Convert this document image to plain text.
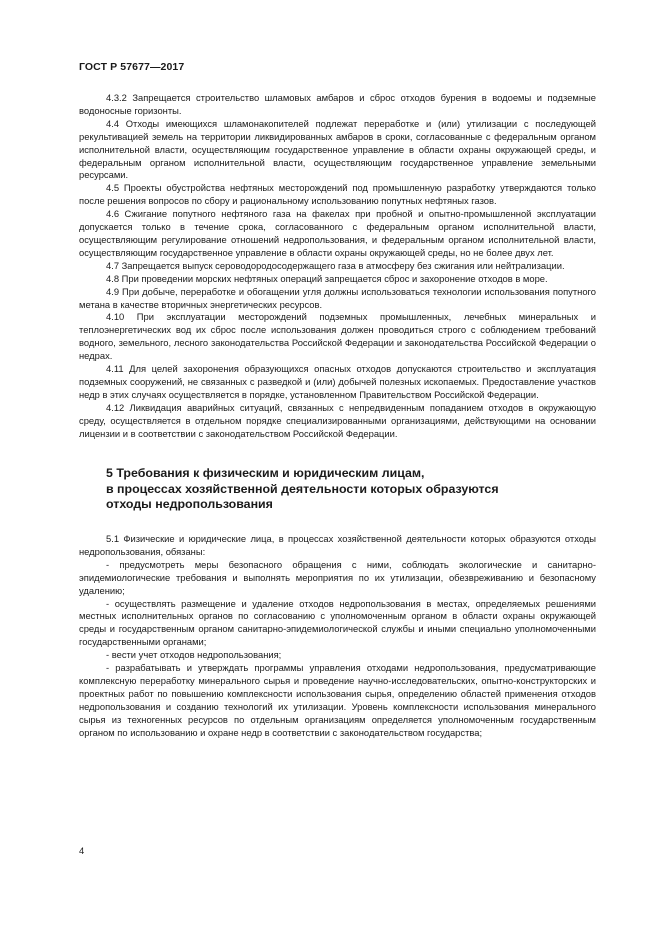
ГОСТ Р 57677—2017

4.3.2 Запрещается строительство шламовых амбаров и сброс отходов бурения в водоемы и подземные водоносные горизонты.

4.4 Отходы имеющихся шламонакопителей подлежат переработке и (или) утилизации с последующей рекультивацией земель на территории ликвидированных амбаров в сроки, согласованные с федеральным органом исполнительной власти, осуществляющим государственное управление в области охраны окружающей среды, и федеральным органом исполнительной власти, осуществляющим государственное управление земельными ресурсами.

4.5 Проекты обустройства нефтяных месторождений под промышленную разработку утверждаются только после решения вопросов по сбору и рациональному использованию попутных нефтяных газов.

4.6 Сжигание попутного нефтяного газа на факелах при пробной и опытно-промышленной эксплуатации допускается только в течение срока, согласованного с федеральным органом исполнительной власти, осуществляющим регулирование отношений недропользования, и федеральным органом исполнительной власти, осуществляющим государственное управление в области охраны окружающей среды, но не более двух лет.

4.7 Запрещается выпуск сероводородосодержащего газа в атмосферу без сжигания или нейтрализации.

4.8 При проведении морских нефтяных операций запрещается сброс и захоронение отходов в море.

4.9 При добыче, переработке и обогащении угля должны использоваться технологии использования попутного метана в качестве вторичных энергетических ресурсов.

4.10 При эксплуатации месторождений подземных промышленных, лечебных минеральных и теплоэнергетических вод их сброс после использования должен проводиться строго с соблюдением требований водного, земельного, лесного законодательства Российской Федерации и законодательства Российской Федерации о недрах.

4.11 Для целей захоронения образующихся опасных отходов допускаются строительство и эксплуатация подземных сооружений, не связанных с разведкой и (или) добычей полезных ископаемых. Предоставление участков недр в этих случаях осуществляется в порядке, установленном Правительством Российской Федерации.

4.12 Ликвидация аварийных ситуаций, связанных с непредвиденным попаданием отходов в окружающую среду, осуществляется в отдельном порядке специализированными организациями, действующими на основании лицензии и в соответствии с законодательством Российской Федерации.

5 Требования к физическим и юридическим лицам,
в процессах хозяйственной деятельности которых образуются
отходы недропользования

5.1 Физические и юридические лица, в процессах хозяйственной деятельности которых образуются отходы недропользования, обязаны:

- предусмотреть меры безопасного обращения с ними, соблюдать экологические и санитарно-эпидемиологические требования и выполнять мероприятия по их утилизации, обезвреживанию и безопасному удалению;

- осуществлять размещение и удаление отходов недропользования в местах, определяемых решениями местных исполнительных органов по согласованию с уполномоченным органом в области охраны окружающей среды и государственным органом санитарно-эпидемиологической службы и иными специально уполномоченными государственными органами;

- вести учет отходов недропользования;

- разрабатывать и утверждать программы управления отходами недропользования, предусматривающие комплексную переработку минерального сырья и проведение научно-исследовательских, опытно-конструкторских и проектных работ по повышению комплексности использования сырья, определению областей применения отходов недропользования и созданию технологий их утилизации. Уровень комплексности использования минерального сырья из техногенных ресурсов по отдельным организациям определяется уполномоченным государственным органом по использованию и охране недр в соответствии с законодательством государства;

4
